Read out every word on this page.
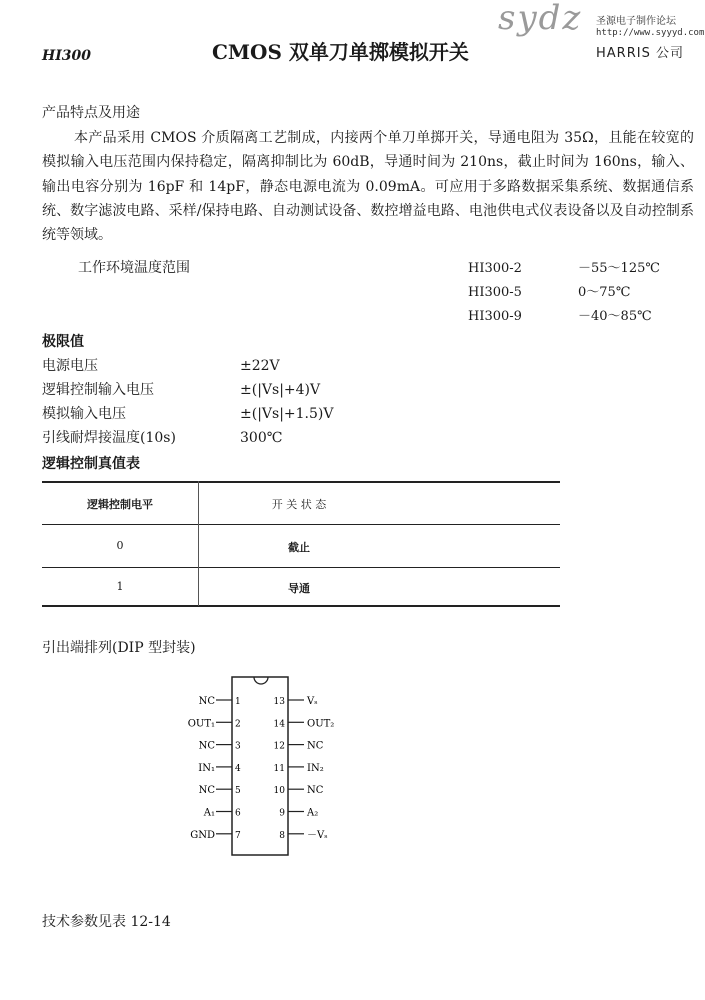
HI300	CMOS 双单刀单掷模拟开关
sydz 圣源电子制作论坛
http://www.syyyd.com
HARRIS 公司
产品特点及用途
本产品采用 CMOS 介质隔离工艺制成，内接两个单刀单掷开关，导通电阻为 35Ω，且能在较宽的模拟输入电压范围内保持稳定，隔离抑制比为 60dB，导通时间为 210ns，截止时间为 160ns，输入、输出电容分别为 16pF 和 14pF，静态电源电流为 0.09mA。可应用于多路数据采集系统、数据通信系统、数字滤波电路、采样/保持电路、自动测试设备、数控增益电路、电池供电式仪表设备以及自动控制系统等领域。
工作环境温度范围	HI300-2	－55～125℃
HI300-5	0～75℃
HI300-9	－40～85℃
极限值
电源电压	±22V
逻辑控制输入电压	±(|Vs|+4)V
模拟输入电压	±(|Vs|+1.5)V
引线耐焊接温度(10s)	300℃
逻辑控制真值表
逻辑控制电平	开 关 状 态
0	截止
1	导通
引出端排列(DIP 型封装)
NC 1
OUT₁ 2
NC 3
IN₁ 4
NC 5
A₁ 6
GND 7
13 Vₛ
14 OUT₂
12 NC
11 IN₂
10 NC
9 A₂
8 －Vₛ
技术参数见表 12-14
